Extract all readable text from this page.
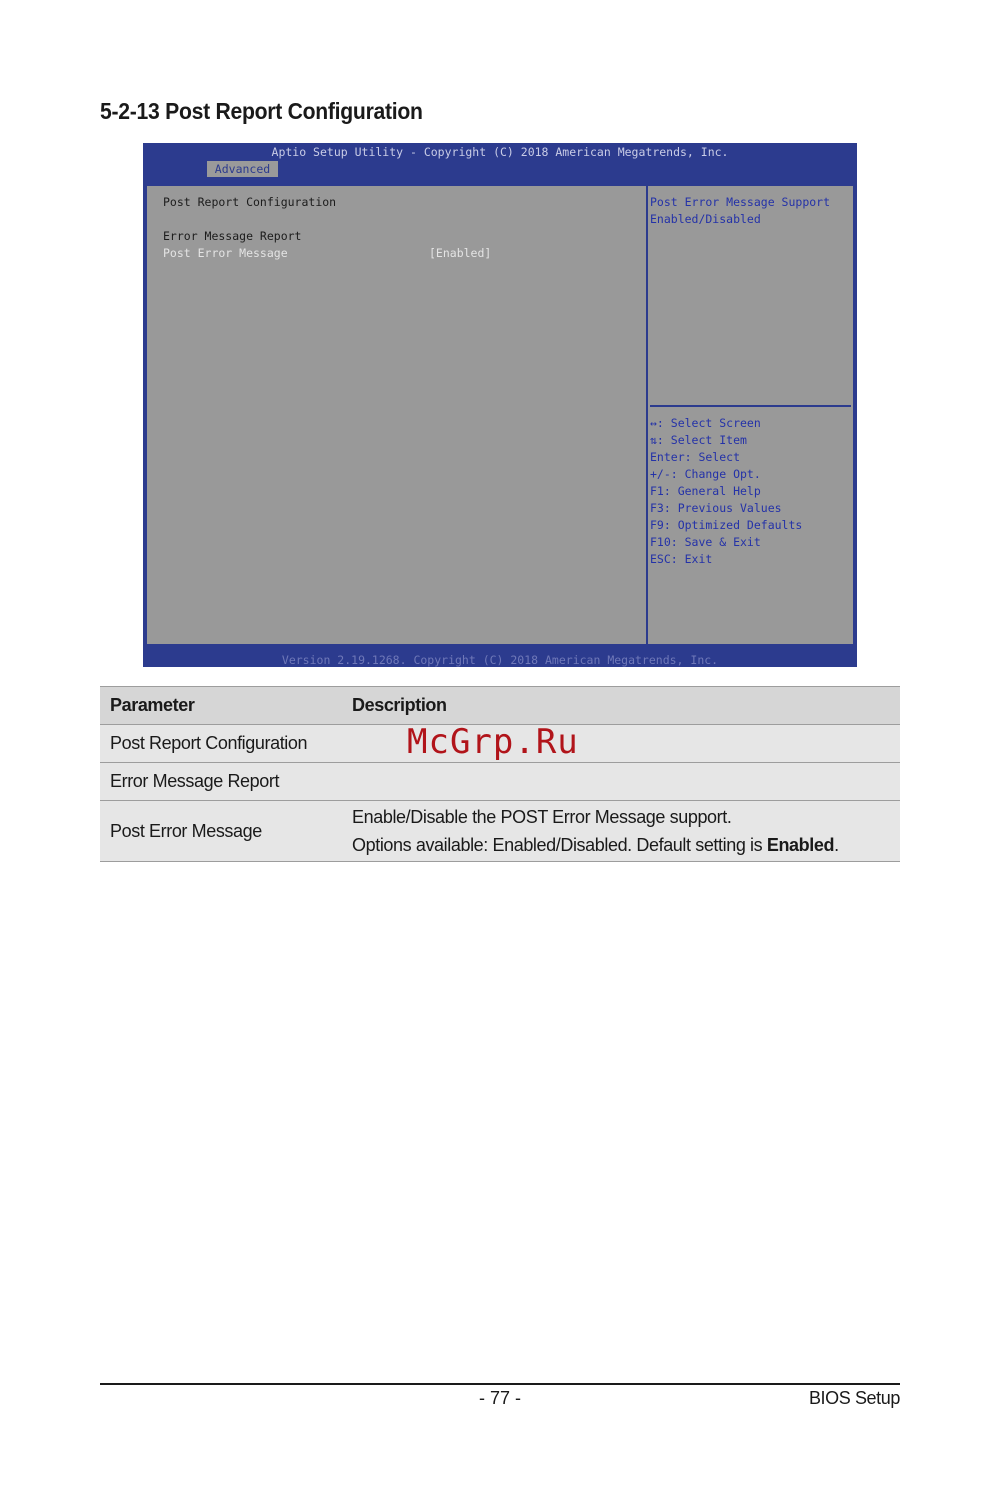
5-2-13 Post Report Configuration
Aptio Setup Utility - Copyright (C) 2018 American Megatrends, Inc.
Advanced
Post Report Configuration
Error Message Report
Post Error Message	[Enabled]
Post Error Message Support
Enabled/Disabled
↔: Select Screen
⇅: Select Item
Enter: Select
+/-: Change Opt.
F1: General Help
F3: Previous Values
F9: Optimized Defaults
F10: Save & Exit
ESC: Exit
Version 2.19.1268. Copyright (C) 2018 American Megatrends, Inc.
Parameter	Description
Post Report Configuration	
Error Message Report	
Post Error Message	Enable/Disable the POST Error Message support.
Options available: Enabled/Disabled. Default setting is Enabled.
McGrp.Ru
- 77 -	BIOS Setup
